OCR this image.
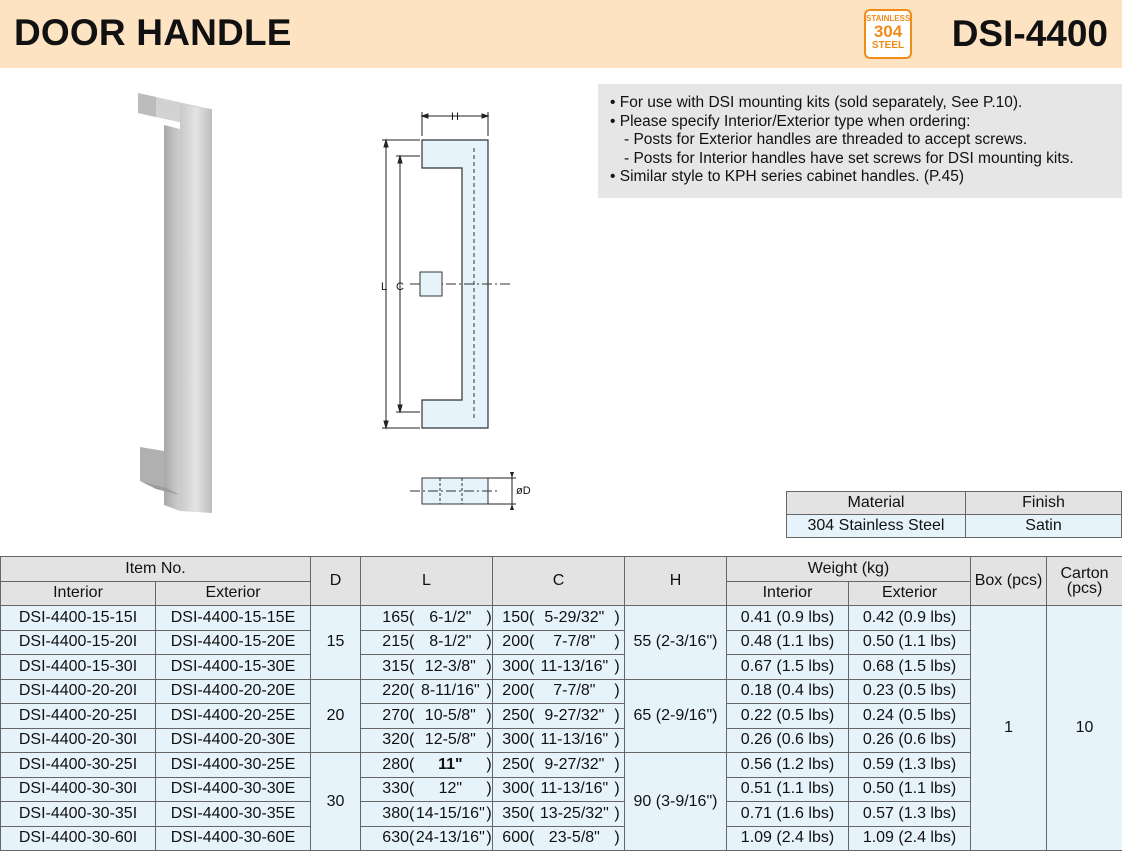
DOOR HANDLE	STAINLESS
304
STEEL DSI-4400
H
L C
øD
• For use with DSI mounting kits (sold separately, See P.10).
• Please specify Interior/Exterior type when ordering:
- Posts for Exterior handles are threaded to accept screws.
- Posts for Interior handles have set screws for DSI mounting kits.
• Similar style to KPH series cabinet handles. (P.45)
Material	Finish
304 Stainless Steel	Satin
Item No.		D	L	C	H	Weight (kg)		Box (pcs)	Carton
(pcs)
Interior	Exterior					Interior	Exterior		
DSI-4400-15-15I	DSI-4400-15-15E	15	165( 6-1/2" )	150( 5-29/32" )	55 (2-3/16")	0.41 (0.9 lbs)	0.42 (0.9 lbs)	1	10
DSI-4400-15-20I	DSI-4400-15-20E		215( 8-1/2" )	200( 7-7/8" )		0.48 (1.1 lbs)	0.50 (1.1 lbs)		
DSI-4400-15-30I	DSI-4400-15-30E		315( 12-3/8" )	300( 11-13/16" )		0.67 (1.5 lbs)	0.68 (1.5 lbs)		
DSI-4400-20-20I	DSI-4400-20-20E	20	220( 8-11/16" )	200( 7-7/8" )	65 (2-9/16")	0.18 (0.4 lbs)	0.23 (0.5 lbs)		
DSI-4400-20-25I	DSI-4400-20-25E		270( 10-5/8" )	250( 9-27/32" )		0.22 (0.5 lbs)	0.24 (0.5 lbs)		
DSI-4400-20-30I	DSI-4400-20-30E		320( 12-5/8" )	300( 11-13/16" )		0.26 (0.6 lbs)	0.26 (0.6 lbs)		
DSI-4400-30-25I	DSI-4400-30-25E	30	280( 11" )	250( 9-27/32" )	90 (3-9/16")	0.56 (1.2 lbs)	0.59 (1.3 lbs)		
DSI-4400-30-30I	DSI-4400-30-30E		330( 12" )	300( 11-13/16" )		0.51 (1.1 lbs)	0.50 (1.1 lbs)		
DSI-4400-30-35I	DSI-4400-30-35E		380(14-15/16")	350( 13-25/32" )		0.71 (1.6 lbs)	0.57 (1.3 lbs)		
DSI-4400-30-60I	DSI-4400-30-60E		630(24-13/16")	600( 23-5/8" )		1.09 (2.4 lbs)	1.09 (2.4 lbs)		
